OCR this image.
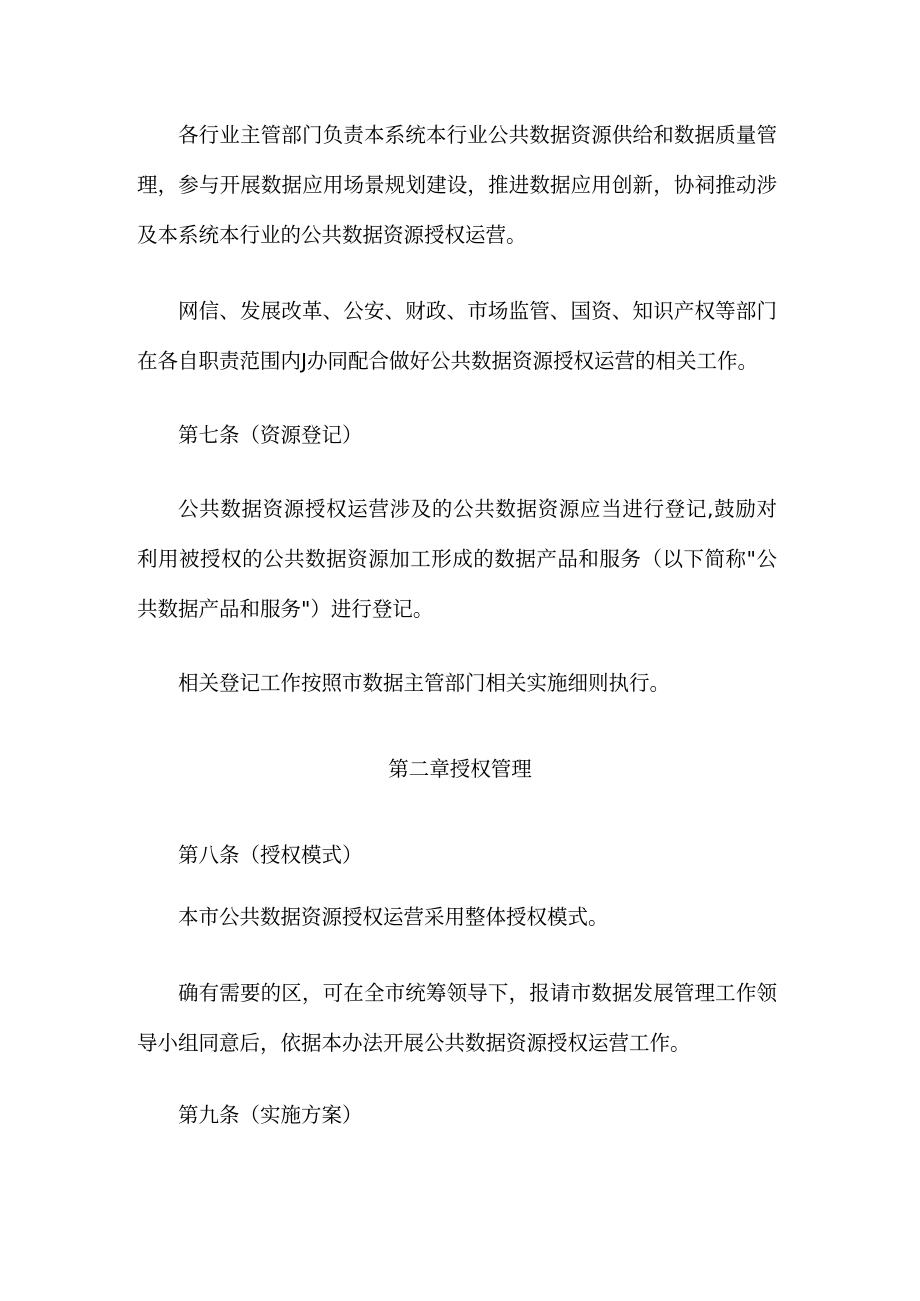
各行业主管部门负责本系统本行业公共数据资源供给和数据质量管理，参与开展数据应用场景规划建设，推进数据应用创新，协祠推动涉及本系统本行业的公共数据资源授权运营。

网信、发展改革、公安、财政、市场监管、国资、知识产权等部门在各自职责范围内J办同配合做好公共数据资源授权运营的相关工作。

第七条（资源登记）

公共数据资源授权运营涉及的公共数据资源应当进行登记,鼓励对利用被授权的公共数据资源加工形成的数据产品和服务（以下简称"公共数据产品和服务"）进行登记。

相关登记工作按照市数据主管部门相关实施细则执行。

第二章授权管理

第八条（授权模式）

本市公共数据资源授权运营采用整体授权模式。

确有需要的区，可在全市统筹领导下，报请市数据发展管理工作领导小组同意后，依据本办法开展公共数据资源授权运营工作。

第九条（实施方案）
